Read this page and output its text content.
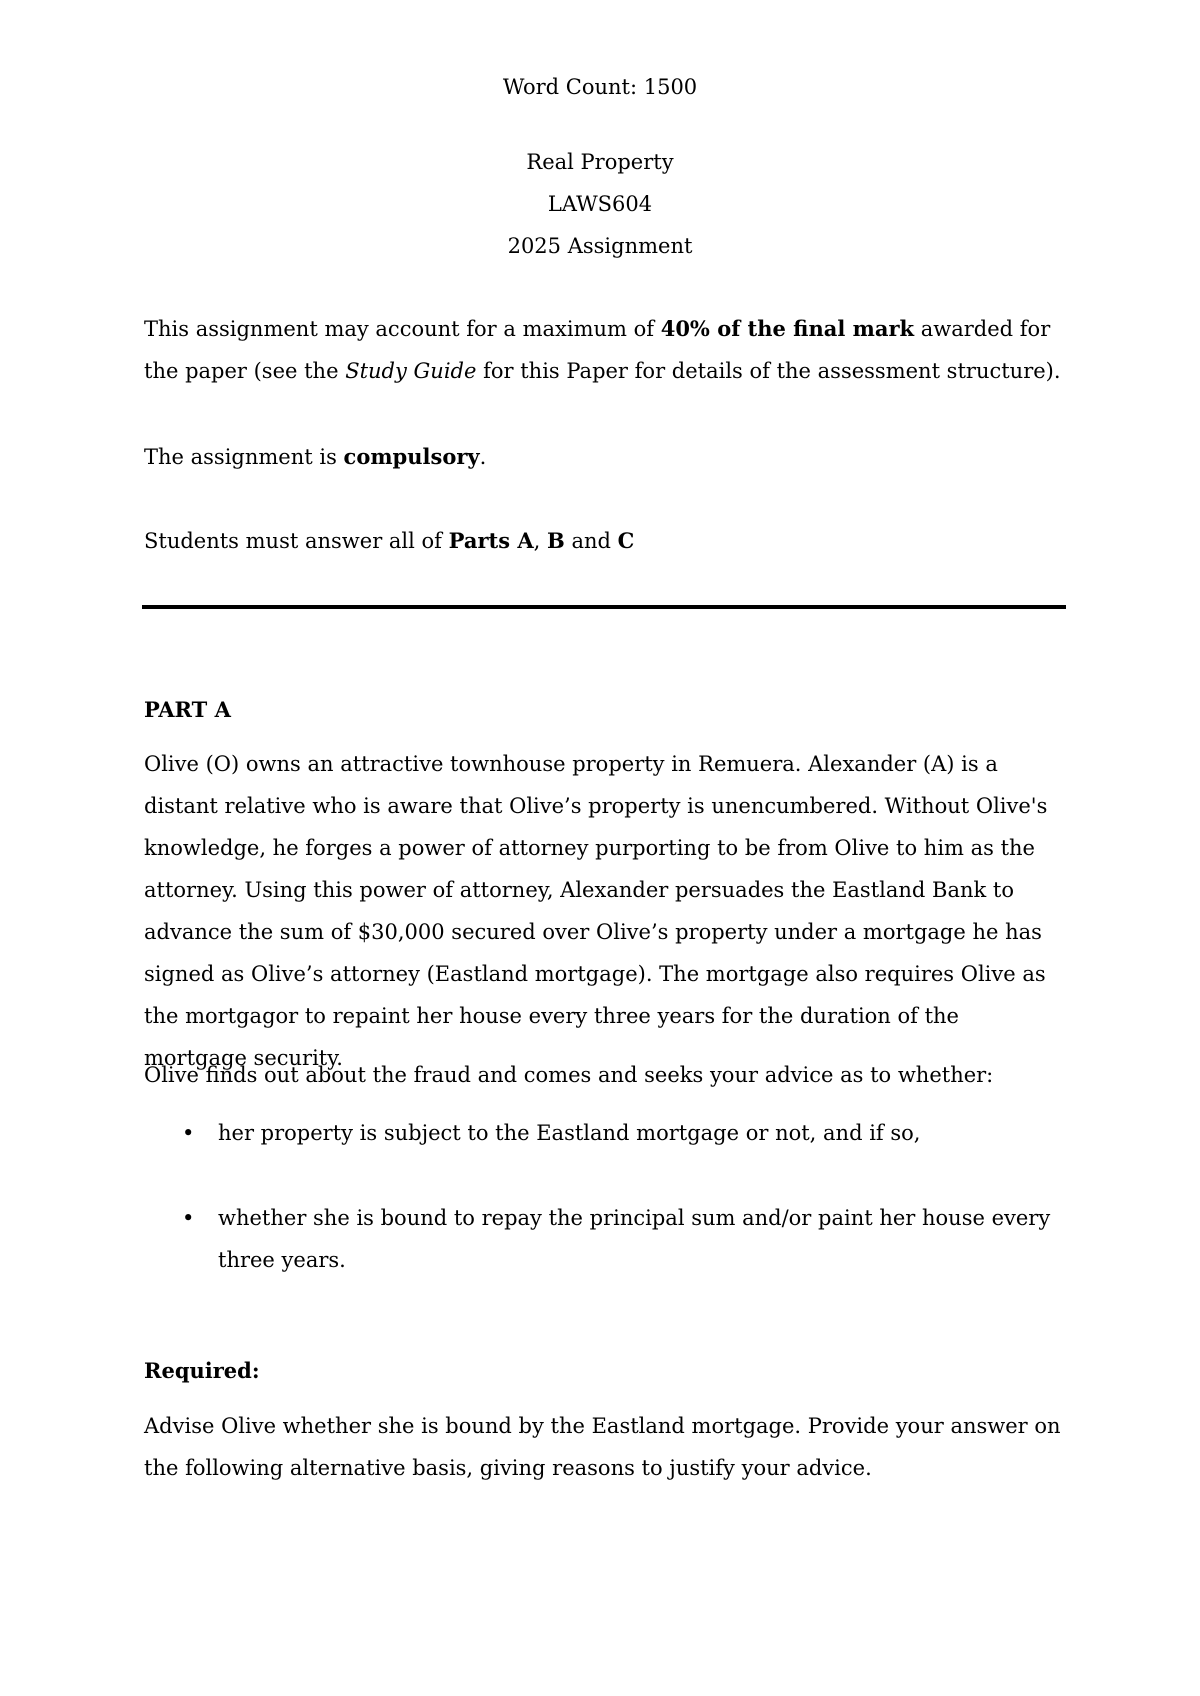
Word Count: 1500
Real Property
LAWS604
2025 Assignment
This assignment may account for a maximum of 40% of the final mark awarded for the paper (see the Study Guide for this Paper for details of the assessment structure).
The assignment is compulsory.
Students must answer all of Parts A, B and C
PART A
Olive (O) owns an attractive townhouse property in Remuera. Alexander (A) is a distant relative who is aware that Olive’s property is unencumbered. Without Olive's knowledge, he forges a power of attorney purporting to be from Olive to him as the attorney. Using this power of attorney, Alexander persuades the Eastland Bank to advance the sum of $30,000 secured over Olive’s property under a mortgage he has signed as Olive’s attorney (Eastland mortgage). The mortgage also requires Olive as the mortgagor to repaint her house every three years for the duration of the mortgage security.
Olive finds out about the fraud and comes and seeks your advice as to whether:
•	her property is subject to the Eastland mortgage or not, and if so,
•	whether she is bound to repay the principal sum and/or paint her house every three years.
Required:
Advise Olive whether she is bound by the Eastland mortgage. Provide your answer on the following alternative basis, giving reasons to justify your advice.
